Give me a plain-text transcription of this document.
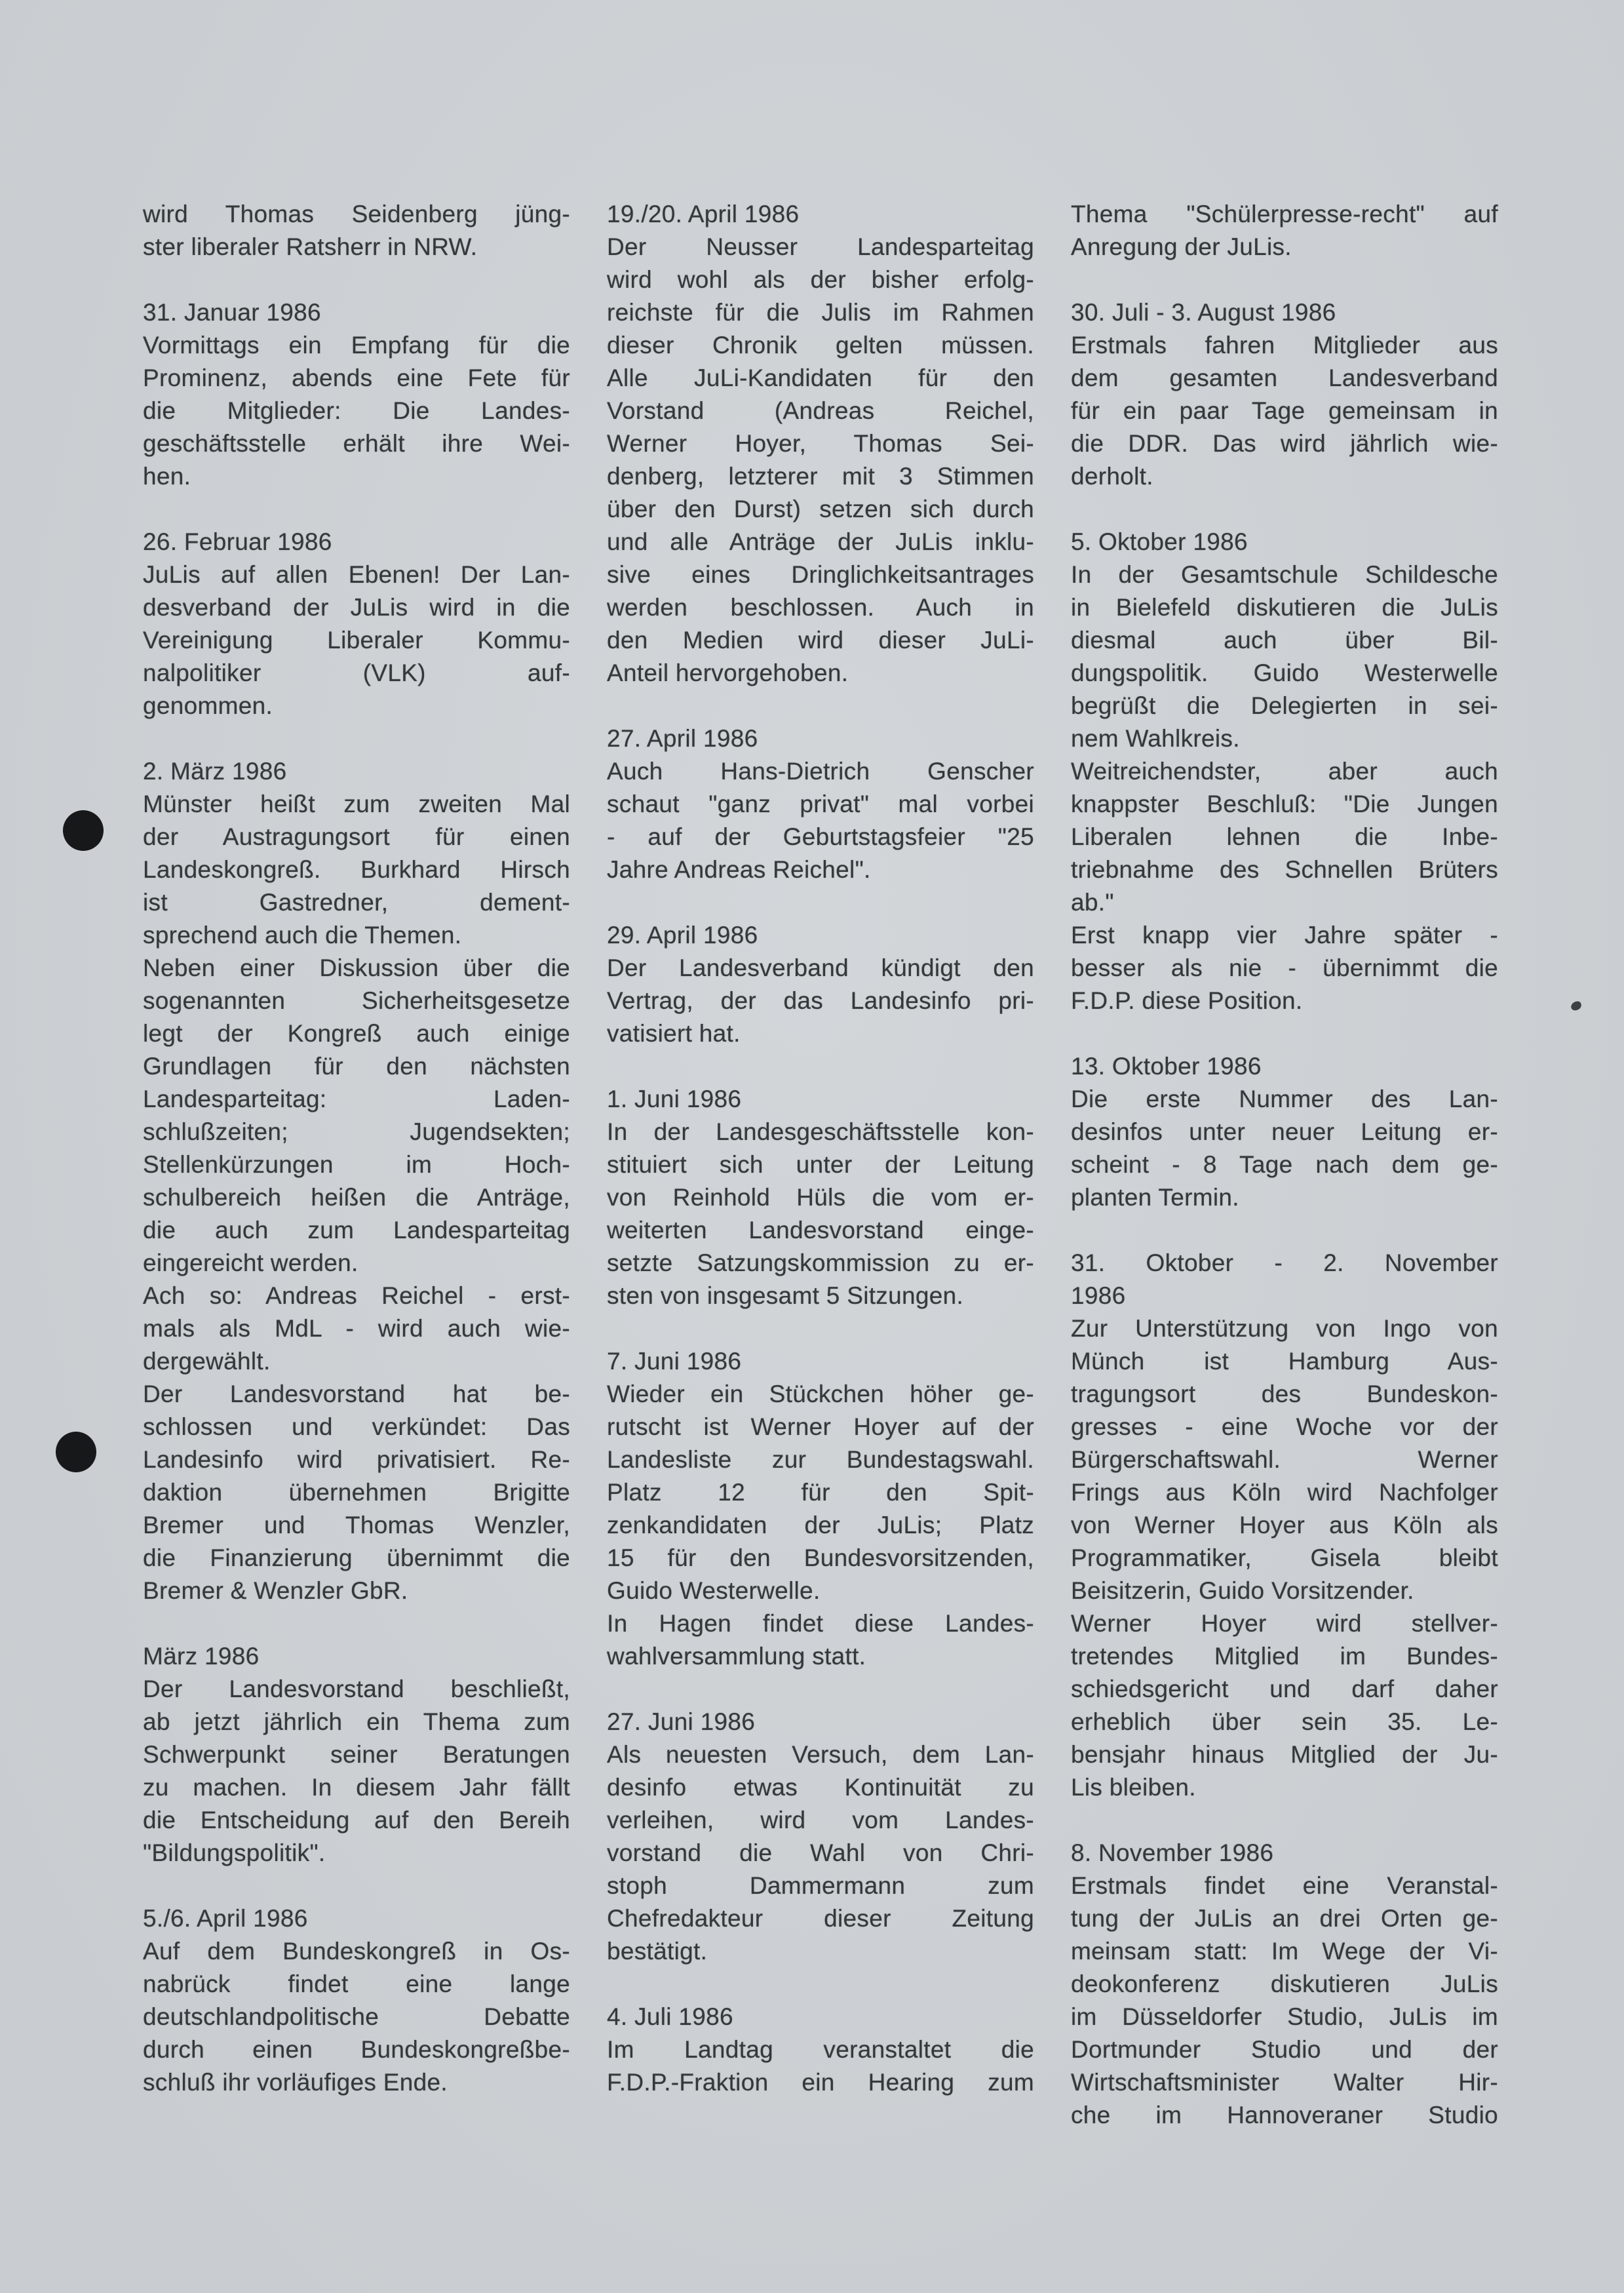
wird Thomas Seidenberg jüng-
ster liberaler Ratsherr in NRW.
31. Januar 1986
Vormittags ein Empfang für die
Prominenz, abends eine Fete für
die Mitglieder: Die Landes-
geschäftsstelle erhält ihre Wei-
hen.
26. Februar 1986
JuLis auf allen Ebenen! Der Lan-
desverband der JuLis wird in die
Vereinigung Liberaler Kommu-
nalpolitiker (VLK) auf-
genommen.
2. März 1986
Münster heißt zum zweiten Mal
der Austragungsort für einen
Landeskongreß. Burkhard Hirsch
ist Gastredner, dement-
sprechend auch die Themen.
Neben einer Diskussion über die
sogenannten Sicherheitsgesetze
legt der Kongreß auch einige
Grundlagen für den nächsten
Landesparteitag: Laden-
schlußzeiten; Jugendsekten;
Stellenkürzungen im Hoch-
schulbereich heißen die Anträge,
die auch zum Landesparteitag
eingereicht werden.
Ach so: Andreas Reichel - erst-
mals als MdL - wird auch wie-
dergewählt.
Der Landesvorstand hat be-
schlossen und verkündet: Das
Landesinfo wird privatisiert. Re-
daktion übernehmen Brigitte
Bremer und Thomas Wenzler,
die Finanzierung übernimmt die
Bremer & Wenzler GbR.
März 1986
Der Landesvorstand beschließt,
ab jetzt jährlich ein Thema zum
Schwerpunkt seiner Beratungen
zu machen. In diesem Jahr fällt
die Entscheidung auf den Bereih
"Bildungspolitik".
5./6. April 1986
Auf dem Bundeskongreß in Os-
nabrück findet eine lange
deutschlandpolitische Debatte
durch einen Bundeskongreßbe-
schluß ihr vorläufiges Ende.
19./20. April 1986
Der Neusser Landesparteitag
wird wohl als der bisher erfolg-
reichste für die Julis im Rahmen
dieser Chronik gelten müssen.
Alle JuLi-Kandidaten für den
Vorstand (Andreas Reichel,
Werner Hoyer, Thomas Sei-
denberg, letzterer mit 3 Stimmen
über den Durst) setzen sich durch
und alle Anträge der JuLis inklu-
sive eines Dringlichkeitsantrages
werden beschlossen. Auch in
den Medien wird dieser JuLi-
Anteil hervorgehoben.
27. April 1986
Auch Hans-Dietrich Genscher
schaut "ganz privat" mal vorbei
- auf der Geburtstagsfeier "25
Jahre Andreas Reichel".
29. April 1986
Der Landesverband kündigt den
Vertrag, der das Landesinfo pri-
vatisiert hat.
1. Juni 1986
In der Landesgeschäftsstelle kon-
stituiert sich unter der Leitung
von Reinhold Hüls die vom er-
weiterten Landesvorstand einge-
setzte Satzungskommission zu er-
sten von insgesamt 5 Sitzungen.
7. Juni 1986
Wieder ein Stückchen höher ge-
rutscht ist Werner Hoyer auf der
Landesliste zur Bundestagswahl.
Platz 12 für den Spit-
zenkandidaten der JuLis; Platz
15 für den Bundesvorsitzenden,
Guido Westerwelle.
In Hagen findet diese Landes-
wahlversammlung statt.
27. Juni 1986
Als neuesten Versuch, dem Lan-
desinfo etwas Kontinuität zu
verleihen, wird vom Landes-
vorstand die Wahl von Chri-
stoph Dammermann zum
Chefredakteur dieser Zeitung
bestätigt.
4. Juli 1986
Im Landtag veranstaltet die
F.D.P.-Fraktion ein Hearing zum
Thema "Schülerpresse-recht" auf
Anregung der JuLis.
30. Juli - 3. August 1986
Erstmals fahren Mitglieder aus
dem gesamten Landesverband
für ein paar Tage gemeinsam in
die DDR. Das wird jährlich wie-
derholt.
5. Oktober 1986
In der Gesamtschule Schildesche
in Bielefeld diskutieren die JuLis
diesmal auch über Bil-
dungspolitik. Guido Westerwelle
begrüßt die Delegierten in sei-
nem Wahlkreis.
Weitreichendster, aber auch
knappster Beschluß: "Die Jungen
Liberalen lehnen die Inbe-
triebnahme des Schnellen Brüters
ab."
Erst knapp vier Jahre später -
besser als nie - übernimmt die
F.D.P. diese Position.
13. Oktober 1986
Die erste Nummer des Lan-
desinfos unter neuer Leitung er-
scheint - 8 Tage nach dem ge-
planten Termin.
31. Oktober - 2. November
1986
Zur Unterstützung von Ingo von
Münch ist Hamburg Aus-
tragungsort des Bundeskon-
gresses - eine Woche vor der
Bürgerschaftswahl. Werner
Frings aus Köln wird Nachfolger
von Werner Hoyer aus Köln als
Programmatiker, Gisela bleibt
Beisitzerin, Guido Vorsitzender.
Werner Hoyer wird stellver-
tretendes Mitglied im Bundes-
schiedsgericht und darf daher
erheblich über sein 35. Le-
bensjahr hinaus Mitglied der Ju-
Lis bleiben.
8. November 1986
Erstmals findet eine Veranstal-
tung der JuLis an drei Orten ge-
meinsam statt: Im Wege der Vi-
deokonferenz diskutieren JuLis
im Düsseldorfer Studio, JuLis im
Dortmunder Studio und der
Wirtschaftsminister Walter Hir-
che im Hannoveraner Studio
